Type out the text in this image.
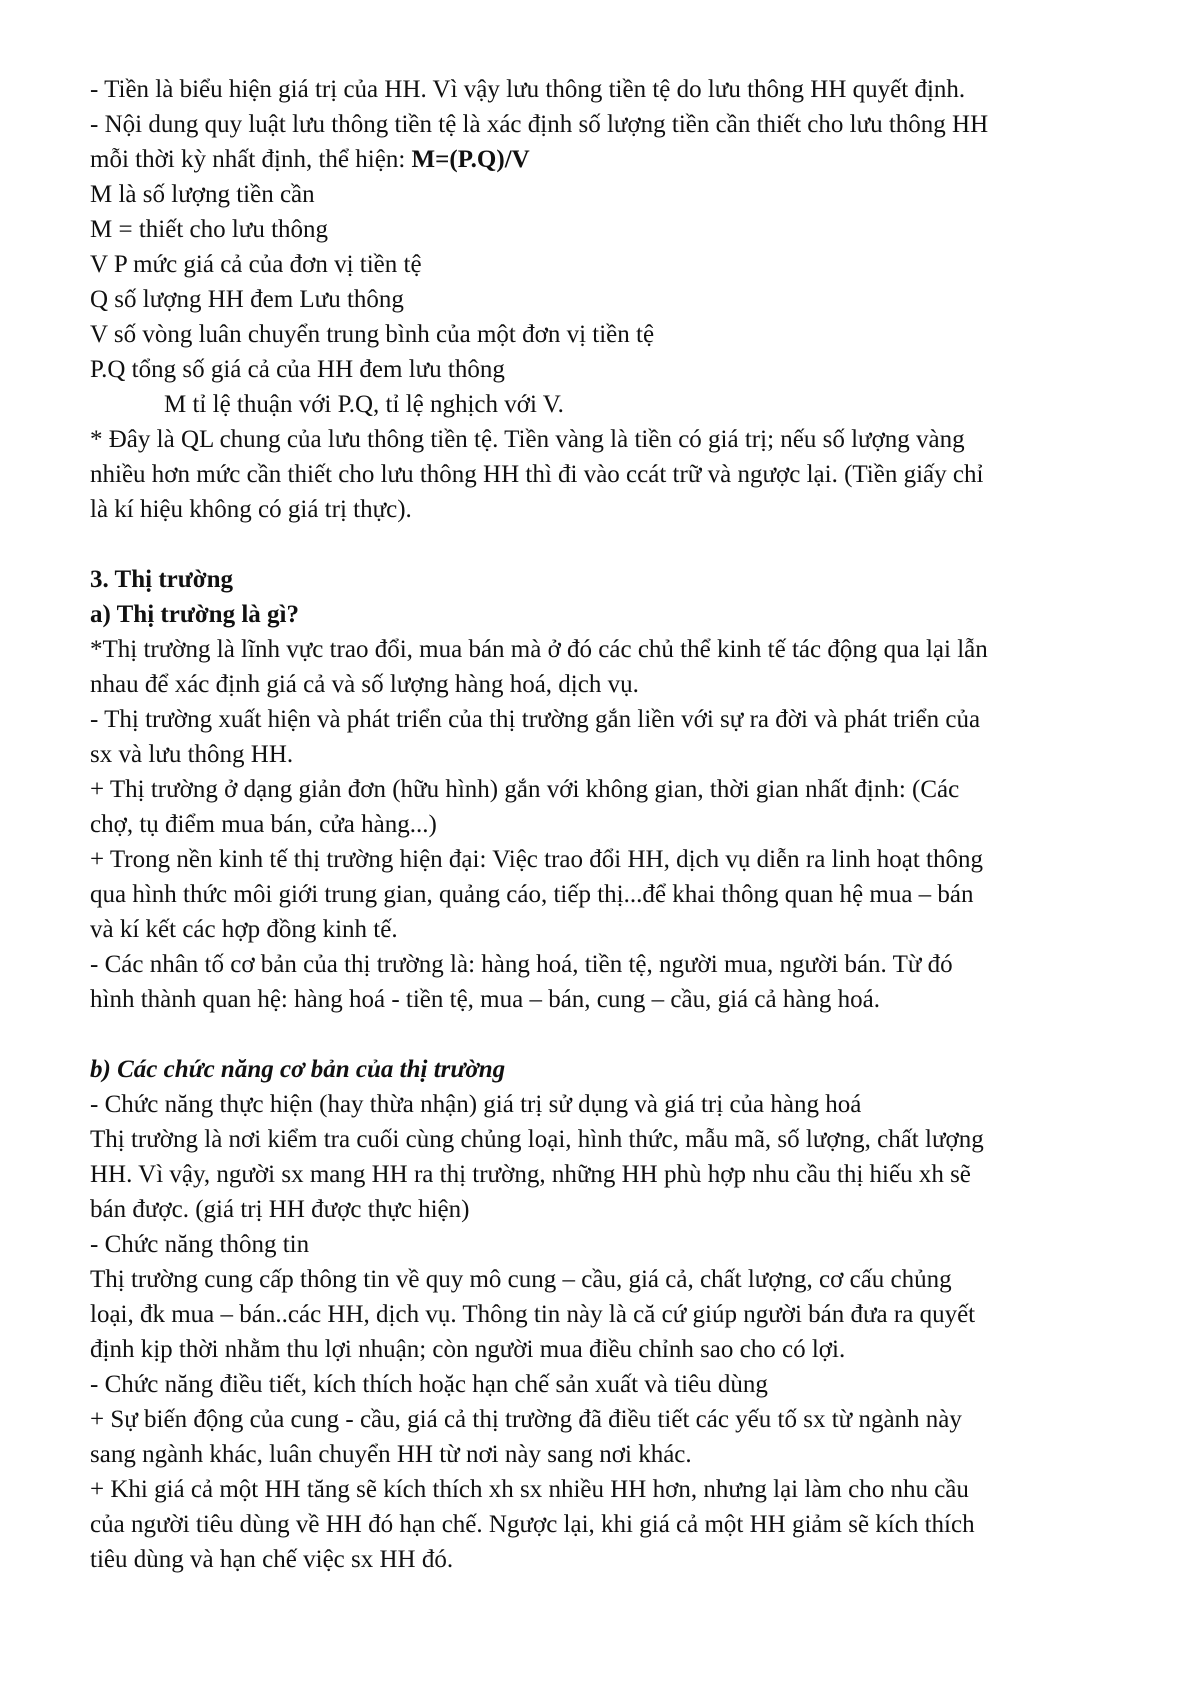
- Tiền là biểu hiện giá trị của HH. Vì vậy lưu thông tiền tệ do lưu thông HH quyết định.
- Nội dung quy luật lưu thông tiền tệ là xác định số lượng tiền cần thiết cho lưu thông HH
mỗi thời kỳ nhất định, thể hiện: M=(P.Q)/V
M là số lượng tiền cần
M = thiết cho lưu thông
V P mức giá cả của đơn vị tiền tệ
Q số lượng HH đem Lưu thông
V số vòng luân chuyển trung bình của một đơn vị tiền tệ
P.Q tổng số giá cả của HH đem lưu thông
M tỉ lệ thuận với P.Q, tỉ lệ nghịch với V.
* Đây là QL chung của lưu thông tiền tệ. Tiền vàng là tiền có giá trị; nếu số lượng vàng
nhiều hơn mức cần thiết cho lưu thông HH thì đi vào ccát trữ và ngược lại. (Tiền giấy chỉ
là kí hiệu không có giá trị thực).
3. Thị trường
a) Thị trường là gì?
*Thị trường là lĩnh vực trao đổi, mua bán mà ở đó các chủ thể kinh tế tác động qua lại lẫn
nhau để xác định giá cả và số lượng hàng hoá, dịch vụ.
- Thị trường xuất hiện và phát triển của thị trường gắn liền với sự ra đời và phát triển của
sx và lưu thông HH.
+ Thị trường ở dạng giản đơn (hữu hình) gắn với không gian, thời gian nhất định: (Các
chợ, tụ điểm mua bán, cửa hàng...)
+ Trong nền kinh tế thị trường hiện đại: Việc trao đổi HH, dịch vụ diễn ra linh hoạt thông
qua hình thức môi giới trung gian, quảng cáo, tiếp thị...để khai thông quan hệ mua – bán
và kí kết các hợp đồng kinh tế.
- Các nhân tố cơ bản của thị trường là: hàng hoá, tiền tệ, người mua, người bán. Từ đó
hình thành quan hệ: hàng hoá - tiền tệ, mua – bán, cung – cầu, giá cả hàng hoá.
b) Các chức năng cơ bản của thị trường
- Chức năng thực hiện (hay thừa nhận) giá trị sử dụng và giá trị của hàng hoá
Thị trường là nơi kiểm tra cuối cùng chủng loại, hình thức, mẫu mã, số lượng, chất lượng
HH. Vì vậy, người sx mang HH ra thị trường, những HH phù hợp nhu cầu thị hiếu xh sẽ
bán được. (giá trị HH được thực hiện)
- Chức năng thông tin
Thị trường cung cấp thông tin về quy mô cung – cầu, giá cả, chất lượng, cơ cấu chủng
loại, đk mua – bán..các HH, dịch vụ. Thông tin này là că cứ giúp người bán đưa ra quyết
định kịp thời nhằm thu lợi nhuận; còn người mua điều chỉnh sao cho có lợi.
- Chức năng điều tiết, kích thích hoặc hạn chế sản xuất và tiêu dùng
+ Sự biến động của cung - cầu, giá cả thị trường đã điều tiết các yếu tố sx từ ngành này
sang ngành khác, luân chuyển HH từ nơi này sang nơi khác.
+ Khi giá cả một HH tăng sẽ kích thích xh sx nhiều HH hơn, nhưng lại làm cho nhu cầu
của người tiêu dùng về HH đó hạn chế. Ngược lại, khi giá cả một HH giảm sẽ kích thích
tiêu dùng và hạn chế việc sx HH đó.
